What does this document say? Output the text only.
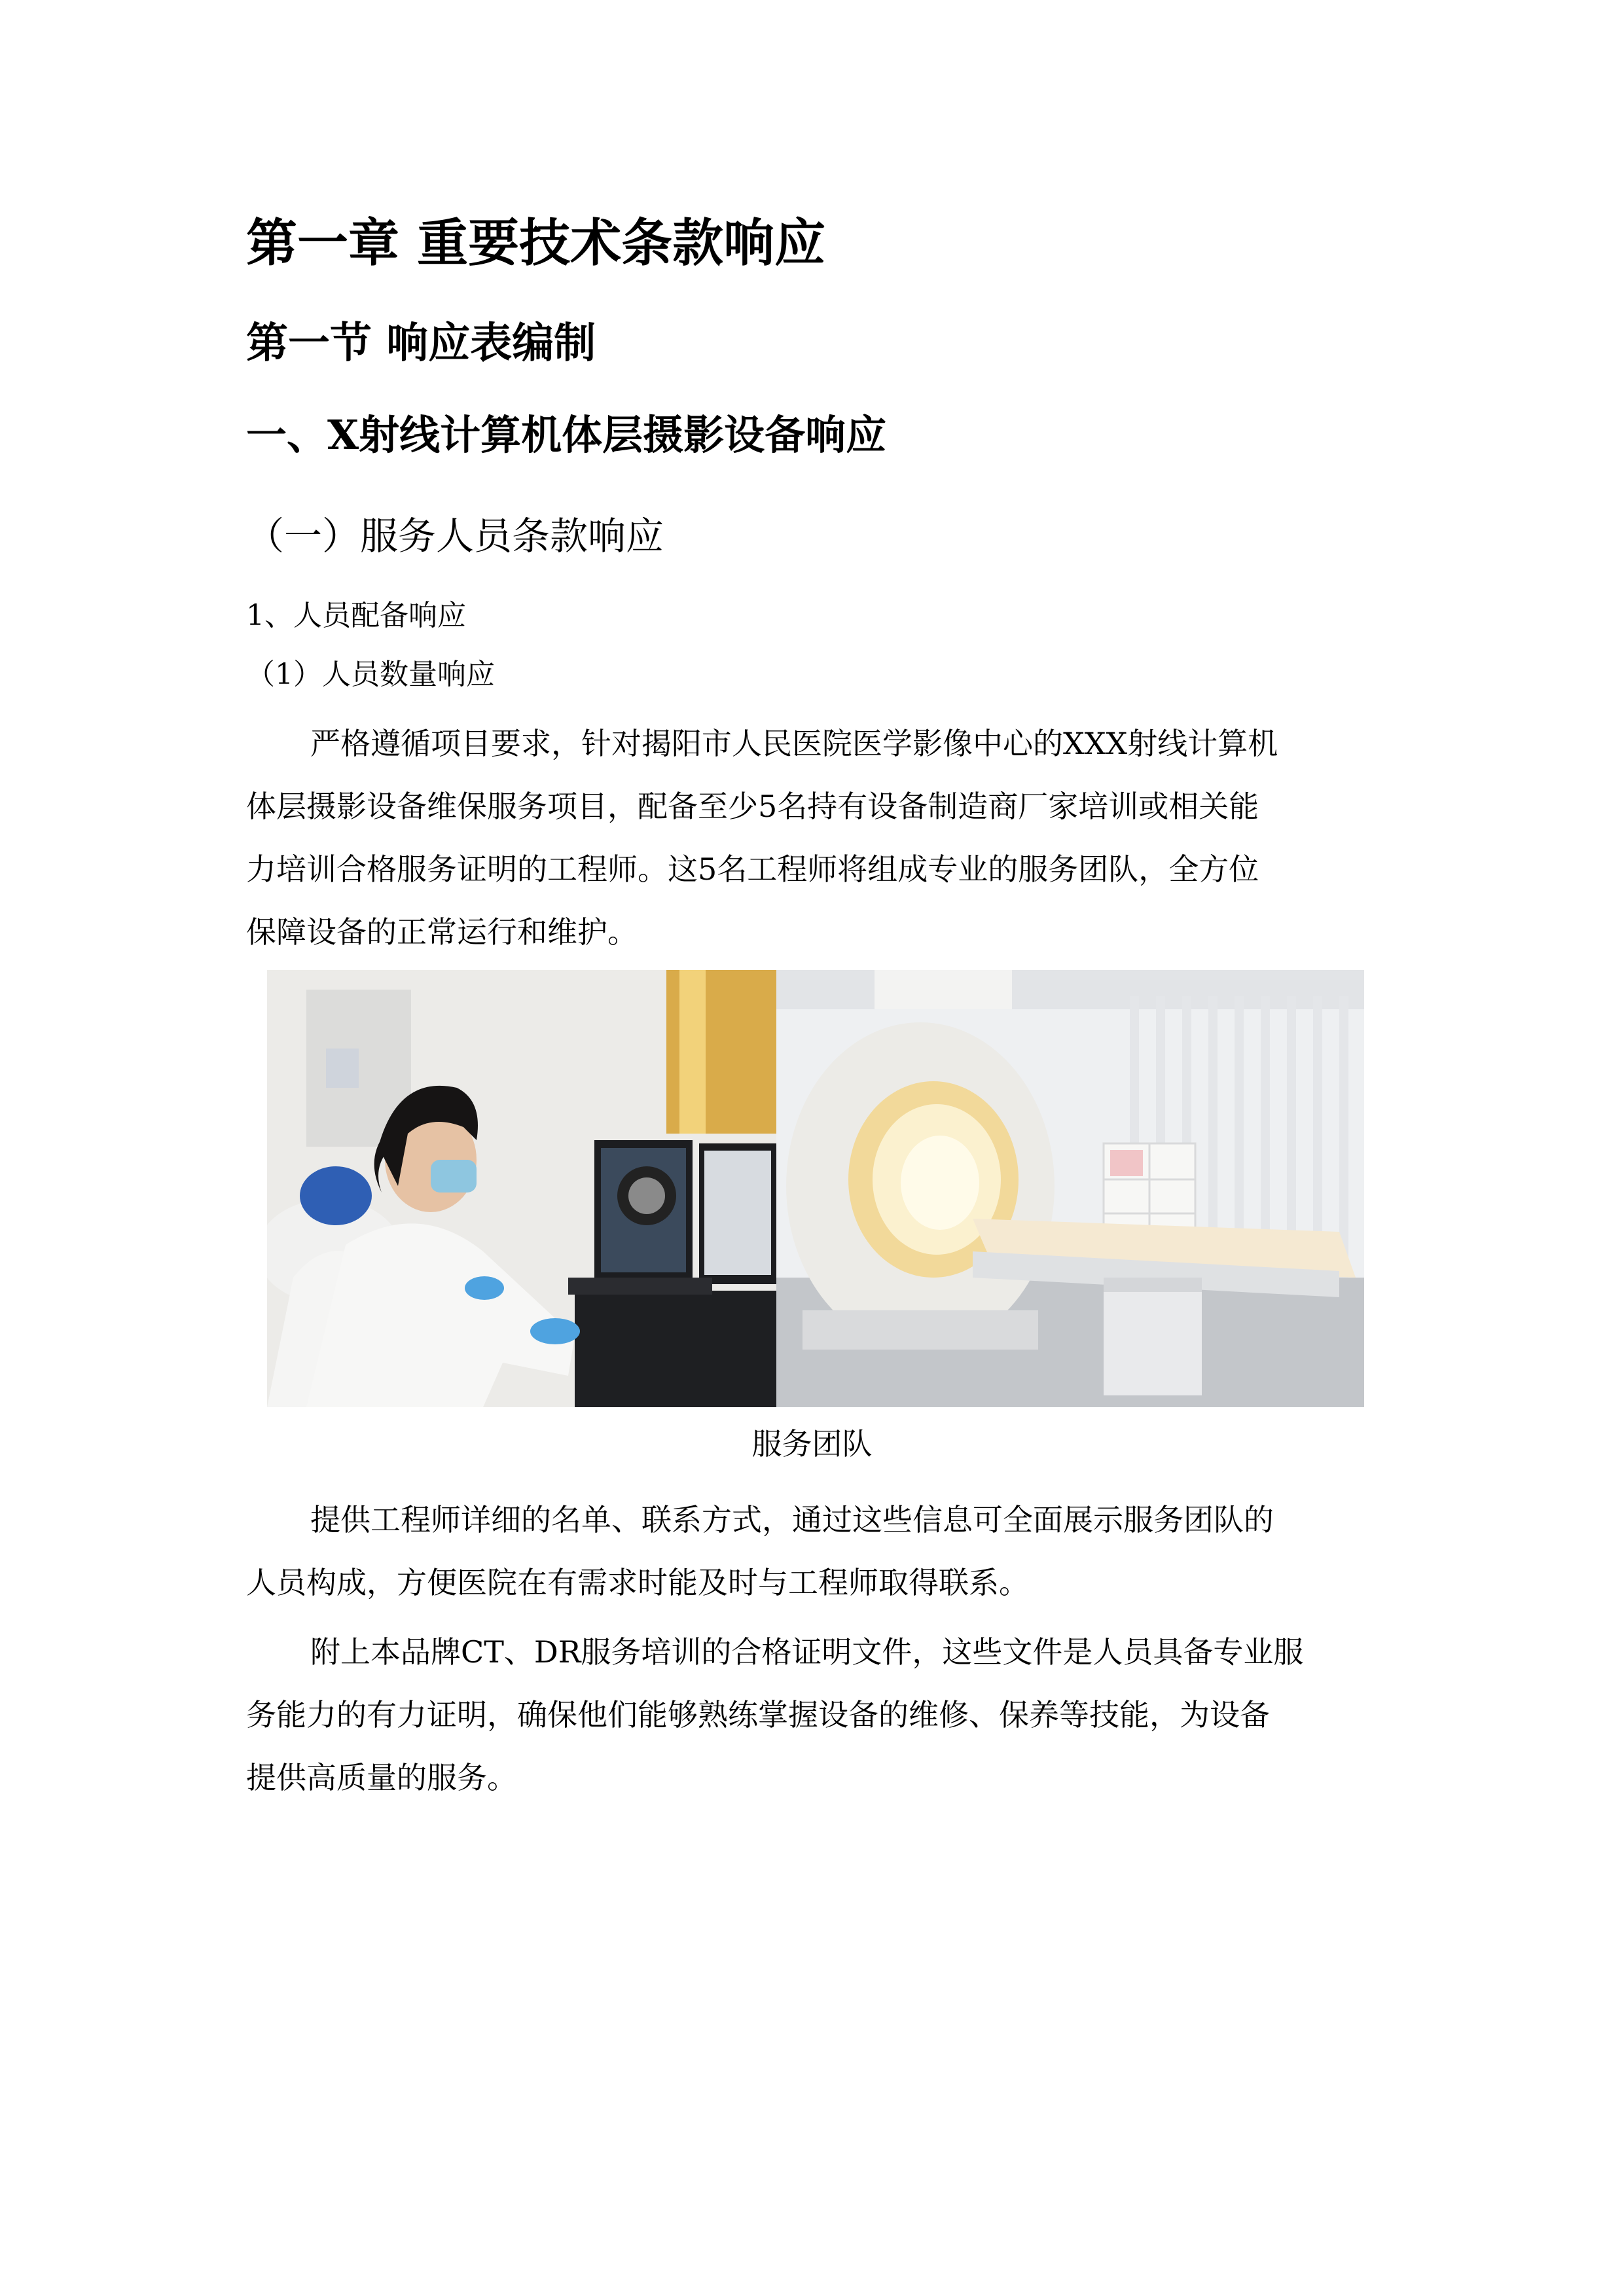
第一章 重要技术条款响应
第一节 响应表编制
一、X射线计算机体层摄影设备响应
（一）服务人员条款响应
1、人员配备响应
（1）人员数量响应
严格遵循项目要求，针对揭阳市人民医院医学影像中心的XXX射线计算机
体层摄影设备维保服务项目，配备至少5名持有设备制造商厂家培训或相关能
力培训合格服务证明的工程师。这5名工程师将组成专业的服务团队，全方位
保障设备的正常运行和维护。
服务团队
提供工程师详细的名单、联系方式，通过这些信息可全面展示服务团队的
人员构成，方便医院在有需求时能及时与工程师取得联系。
附上本品牌CT、DR服务培训的合格证明文件，这些文件是人员具备专业服
务能力的有力证明，确保他们能够熟练掌握设备的维修、保养等技能，为设备
提供高质量的服务。
